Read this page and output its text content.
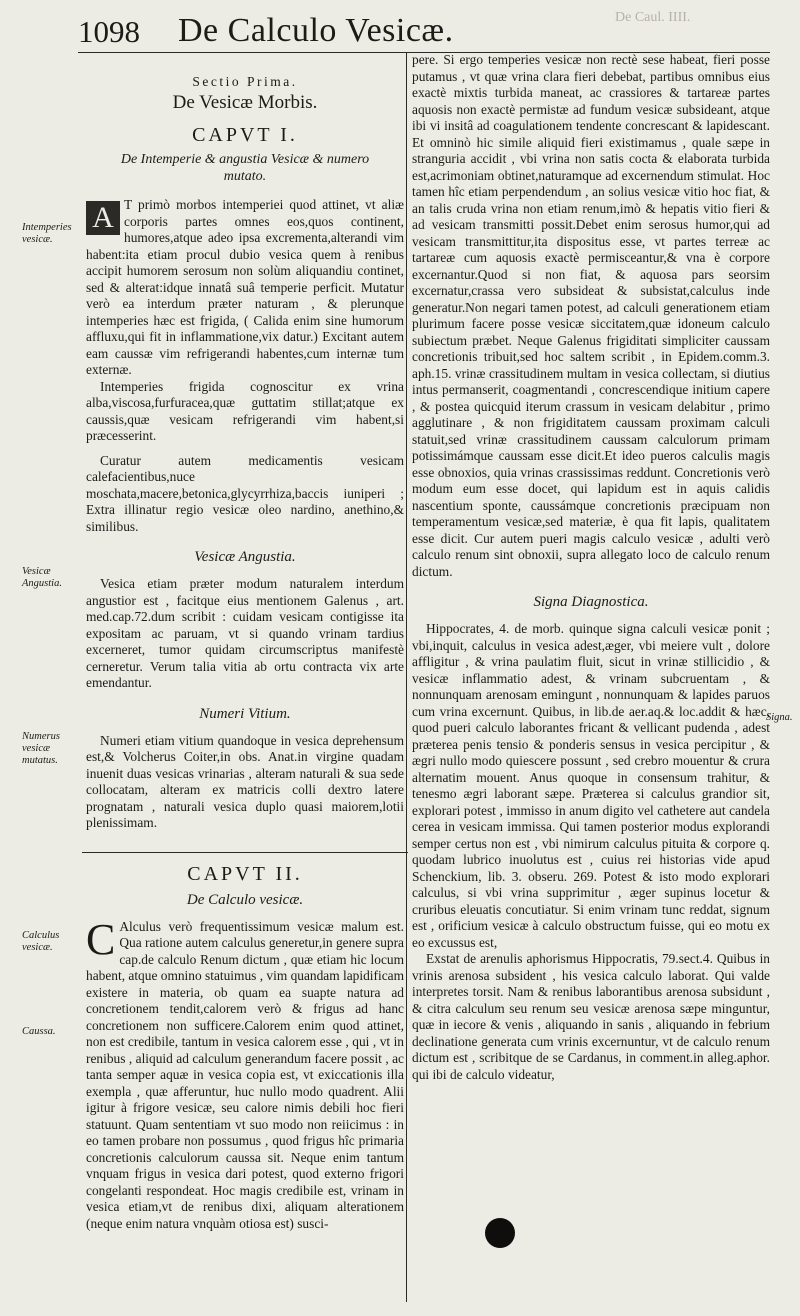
1098 De Calculo Vesicæ.	De Caul. IIII.
Sectio Prima.
De Vesicæ Morbis.
CAPVT I.
De Intemperie & angustia Vesicæ & numero mutato.

A T primò morbos intemperiei quod attinet, vt aliæ corporis partes omnes eos,quos continent, humores,atque adeo ipsa excrementa,alterandi vim habent:ita etiam procul dubio vesica quem à renibus accipit humorem serosum non solùm aliquandiu continet, sed & alterat:idque innatâ suâ temperie perficit. Mutatur verò ea interdum præter naturam , & plerunque intemperies hæc est frigida, ( Calida enim sine humorum affluxu,qui fit in inflammatione,vix datur.) Excitant autem eam caussæ vim refrigerandi habentes,cum internæ tum externæ.

Intemperies frigida cognoscitur ex vrina alba,viscosa,furfuracea,quæ guttatim stillat;atque ex caussis,quæ vesicam refrigerandi vim habent,si præcesserint.

Curatur autem medicamentis vesicam calefacientibus,nuce moschata,macere,betonica,glycyrrhiza,baccis iuniperi ; Extra illinatur regio vesicæ oleo nardino, anethino,& similibus.

Vesicæ Angustia.

Vesica etiam præter modum naturalem interdum angustior est , facitque eius mentionem Galenus , art. med.cap.72.dum scribit : cuidam vesicam contigisse ita expositam ac paruam, vt si quando vrinam tardius excerneret, tumor quidam circumscriptus manifestè cerneretur. Verum talia vitia ab ortu contracta vix arte emendantur.

Numeri Vitium.

Numeri etiam vitium quandoque in vesica deprehensum est,& Volcherus Coiter,in obs. Anat.in virgine quadam inuenit duas vesicas vrinarias , alteram naturali & sua sede collocatam, alteram ex matricis colli dextro latere prognatam , naturali vesica duplo quasi maiorem,lotii plenissimam.

CAPVT II.
De Calculo vesicæ.

C Alculus verò frequentissimum vesicæ malum est. Qua ratione autem calculus generetur,in genere supra cap.de calculo Renum dictum , quæ etiam hic locum habent, atque omnino statuimus , vim quandam lapidificam existere in materia, ob quam ea suapte natura ad concretionem tendit,calorem verò & frigus ad hanc concretionem non sufficere.Calorem enim quod attinet, non est credibile, tantum in vesica calorem esse , qui , vt in renibus , aliquid ad calculum generandum facere possit , ac tanta semper aquæ in vesica copia est, vt exiccationis illa exempla , quæ afferuntur, huc nullo modo quadrent. Alii igitur à frigore vesicæ, seu calore nimis debili hoc fieri statuunt. Quam sententiam vt suo modo non reiicimus : in eo tamen probare non possumus , quod frigus hîc primaria concretionis calculorum caussa sit. Neque enim tantum vnquam frigus in vesica dari potest, quod externo frigori congelanti respondeat. Hoc magis credibile est, vrinam in vesica etiam,vt de renibus dixi, aliquam alterationem (neque enim natura vnquàm otiosa est) susci-

pere. Si ergo temperies vesicæ non rectè sese habeat, fieri posse putamus , vt quæ vrina clara fieri debebat, partibus omnibus eius exactè mixtis turbida maneat, ac crassiores & tartareæ partes aquosis non exactè permistæ ad fundum vesicæ subsideant, atque ibi vi insitâ ad coagulationem tendente concrescant & lapidescant. Et omninò hic simile aliquid fieri existimamus , quale sæpe in stranguria accidit , vbi vrina non satis cocta & elaborata turbida est,acrimoniam obtinet,naturamque ad excernendum stimulat. Hoc tamen hîc etiam perpendendum , an solius vesicæ vitio hoc fiat, & an talis cruda vrina non etiam renum,imò & hepatis vitio fieri & ad vesicam transmitti possit.Debet enim serosus humor,qui ad vesicam transmittitur,ita dispositus esse, vt partes terreæ ac tartareæ cum aquosis exactè permisceantur,& vna è corpore excernantur.Quod si non fiat, & aquosa pars seorsim excernatur,crassa vero subsideat & subsistat,calculus inde generatur.Non negari tamen potest, ad calculi generationem etiam plurimum facere posse vesicæ siccitatem,quæ idoneum calculo subiectum præbet. Neque Galenus frigiditati simpliciter caussam concretionis tribuit,sed hoc saltem scribit , in Epidem.comm.3. aph.15. vrinæ crassitudinem multam in vesica collectam, si diutius intus permanserit, coagmentandi , concrescendique initium capere , & postea quicquid iterum crassum in vesicam delabitur , primo agglutinare , & non frigiditatem caussam proximam calculi statuit,sed vrinæ crassitudinem caussam calculorum primam potissimámque caussam esse dicit.Et ideo pueros calculis magis esse obnoxios, quia vrinas crassissimas reddunt. Concretionis verò modum eum esse docet, qui lapidum est in aquis calidis nascentium sponte, caussámque concretionis præcipuam non temperamentum vesicæ,sed materiæ, è qua fit lapis, qualitatem esse dicit. Cur autem pueri magis calculo vesicæ , adulti verò calculo renum sint obnoxii, supra allegato loco de calculo renum dictum.

Signa Diagnostica.

Hippocrates, 4. de morb. quinque signa calculi vesicæ ponit ; vbi,inquit, calculus in vesica adest,æger, vbi meiere vult , dolore affligitur , & vrina paulatim fluit, sicut in vrinæ stillicidio , & vesicæ inflammatio adest, & vrinam subcruentam , & nonnunquam arenosam emingunt , nonnunquam & lapides paruos cum vrina excernunt. Quibus, in lib.de aer.aq.& loc.addit & hæc, quod pueri calculo laborantes fricant & vellicant pudenda , adest præterea penis tensio & ponderis sensus in vesica percipitur , & ægri nullo modo quiescere possunt , sed crebro mouentur & crura alternatim mouent. Anus quoque in consensum trahitur, & tenesmo ægri laborant sæpe. Præterea si calculus grandior sit, explorari potest , immisso in anum digito vel cathetere aut candela cerea in vesicam immissa. Qui tamen posterior modus explorandi semper certus non est , vbi nimirum calculus pituita & corpore q. quodam lubrico inuolutus est , cuius rei historias vide apud Schenckium, lib. 3. obseru. 269. Potest & isto modo explorari calculus, si vbi vrina supprimitur , æger supinus locetur & cruribus eleuatis concutiatur. Si enim vrinam tunc reddat, signum est , orificium vesicæ à calculo obstructum fuisse, qui eo motu ex eo excussus est,

Exstat de arenulis aphorismus Hippocratis, 79.sect.4. Quibus in vrinis arenosa subsident , his vesica calculo laborat. Qui valde interpretes torsit. Nam & renibus laborantibus arenosa subsidunt , & citra calculum seu renum seu vesicæ arenosa sæpe minguntur, quæ in iecore & venis , aliquando in sanis , aliquando in febrium declinatione generata cum vrinis excernuntur, vt de calculo renum dictum est , scribitque de se Cardanus, in comment.in alleg.aphor. qui ibi de calculo videatur,

Intemperies vesicæ.
Vesicæ Angustia.
Numerus vesicæ mutatus.
Calculus vesicæ.
Caussa.
Signa.
